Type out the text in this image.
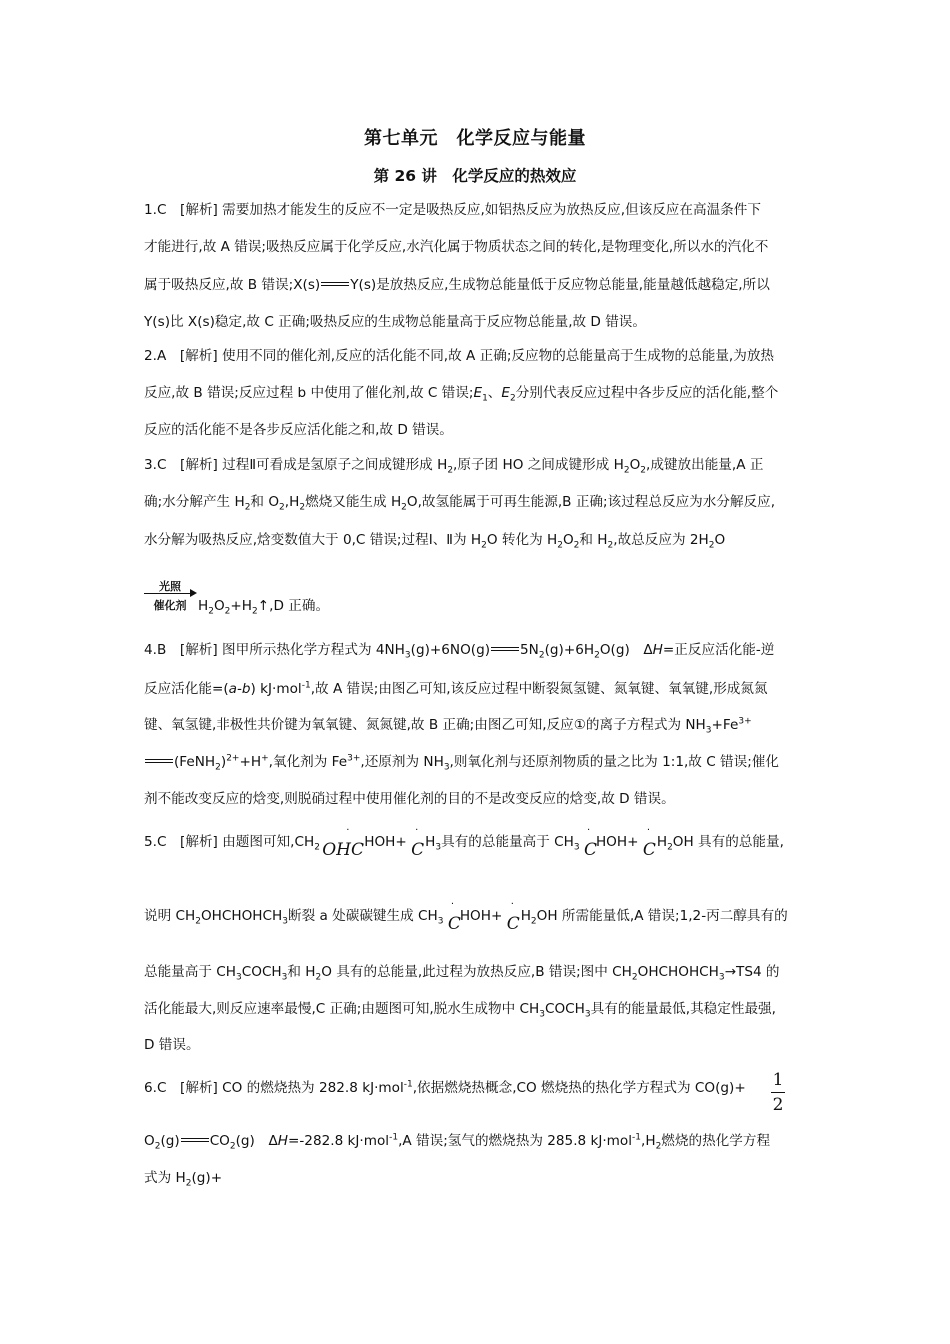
第七单元　化学反应与能量
第 26 讲　化学反应的热效应
1.C　[解析] 需要加热才能发生的反应不一定是吸热反应,如铝热反应为放热反应,但该反应在高温条件下
才能进行,故 A 错误;吸热反应属于化学反应,水汽化属于物质状态之间的转化,是物理变化,所以水的汽化不
属于吸热反应,故 B 错误;X(s) Y(s)是放热反应,生成物总能量低于反应物总能量,能量越低越稳定,所以
Y(s)比 X(s)稳定,故 C 正确;吸热反应的生成物总能量高于反应物总能量,故 D 错误。
2.A　[解析] 使用不同的催化剂,反应的活化能不同,故 A 正确;反应物的总能量高于生成物的总能量,为放热
反应,故 B 错误;反应过程 b 中使用了催化剂,故 C 错误$;E_1$、$E_2$分别代表反应过程中各步反应的活化能,整个
反应的活化能不是各步反应活化能之和,故 D 错误。
3.C　[解析] 过程Ⅱ可看成是氢原子之间成键形成 $H_2$,原子团 HO 之间成键形成 $H_2O_2$,成键放出能量,A 正
确;水分解产生 $H_2$和 $O_2,H_2$燃烧又能生成 $H_2O$,故氢能属于可再生能源,B 正确;该过程总反应为水分解反应,
水分解为吸热反应,焓变数值大于 0,C 错误;过程Ⅰ、Ⅱ为 $H_2O$ 转化为 $H_2O_2$和 $H_2$,故总反应为 $2H_2O$
光照
催化剂 $H_2O_2+H_2↑,D$ 正确。
4.B　[解析] 图甲所示热化学方程式为 $4NH_3(g)+6NO(g)$ $5N_2(g)+6H_2O(g)$　ΔH=正反应活化能-逆
反应活化能=(a-b) kJ·mol$^{-1}$,故 A 错误;由图乙可知,该反应过程中断裂氮氢键、氮氧键、氧氧键,形成氮氮
键、氧氢键,非极性共价键为氧氧键、氮氮键,故 B 正确;由图乙可知,反应①的离子方程式为 $NH_3+Fe^{3+}$
(FeNH$_2$)$^{2+}$+H+,氧化剂为 $Fe^{3+}$,还原剂为 $NH_3$,则氧化剂与还原剂物质的量之比为 1:1,故 C 错误;催化
剂不能改变反应的焓变,则脱硝过程中使用催化剂的目的不是改变反应的焓变,故 D 错误。
5.C　[解析] 由题图可知$,CH_2$
·
OHC HOH+
·
C $H_3$具有的总能量高于 $CH_3$
·
C
HOH+
·
C $H_2OH$ 具有的总能量,
说明 $CH_2OHCHOHCH_3$断裂 a 处碳碳键生成 $CH_3$
·
C
HOH+
·
C $H_2OH$ 所需能量低,A 错误;1,2-丙二醇具有的
总能量高于 $CH_3COCH_3$和 $H_2O$ 具有的总能量,此过程为放热反应,B 错误;图中 $CH_2OHCHOHCH_3\to TS4$ 的
活化能最大,则反应速率最慢,C 正确;由题图可知,脱水生成物中 $CH_3COCH_3$具有的能量最低,其稳定性最强,
D 错误。
6.C　[解析] CO 的燃烧热为 282.8 kJ·mol$^{-1}$,依据燃烧热概念,CO 燃烧热的热化学方程式为 CO(g)+ 1
2
$O_2(g)$ $CO_2(g)$　ΔH=-282.8 kJ·mol$^{-1}$,A 错误;氢气的燃烧热为 285.8 $kJ\cdot mol^{-1},H_2$燃烧的热化学方程
式为 $H_2(g)+$
